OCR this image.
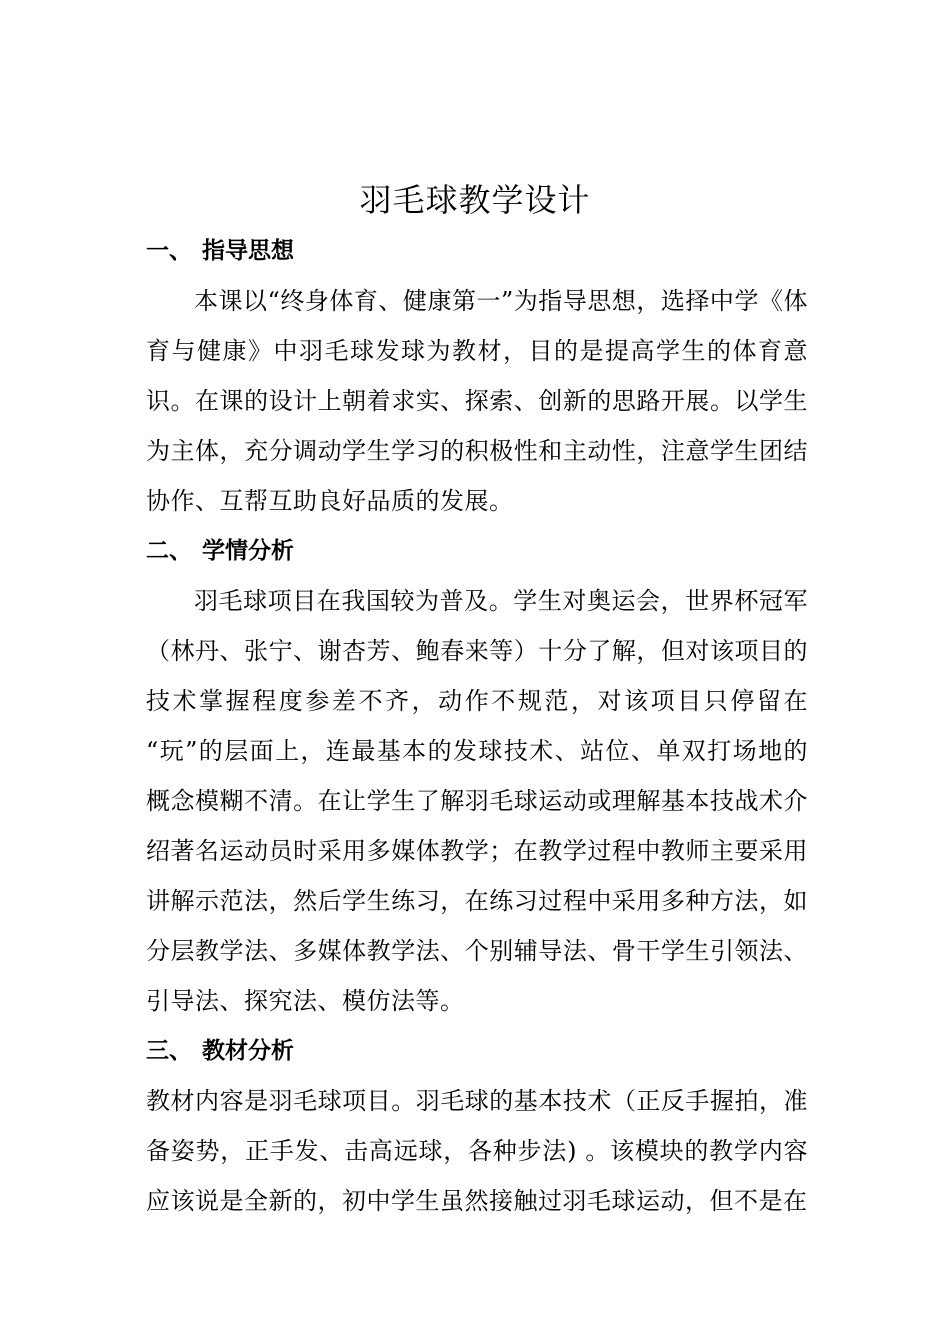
羽毛球教学设计
一、 指导思想
本课以“终身体育、健康第一”为指导思想，选择中学《体育与健康》中羽毛球发球为教材，目的是提高学生的体育意识。在课的设计上朝着求实、探索、创新的思路开展。以学生为主体，充分调动学生学习的积极性和主动性，注意学生团结协作、互帮互助良好品质的发展。
二、 学情分析
羽毛球项目在我国较为普及。学生对奥运会，世界杯冠军（林丹、张宁、谢杏芳、鲍春来等）十分了解，但对该项目的技术掌握程度参差不齐，动作不规范，对该项目只停留在 “玩”的层面上，连最基本的发球技术、站位、单双打场地的概念模糊不清。在让学生了解羽毛球运动或理解基本技战术介绍著名运动员时采用多媒体教学；在教学过程中教师主要采用讲解示范法，然后学生练习，在练习过程中采用多种方法，如分层教学法、多媒体教学法、个别辅导法、骨干学生引领法、引导法、探究法、模仿法等。
三、 教材分析
教材内容是羽毛球项目。羽毛球的基本技术（正反手握拍，准备姿势，正手发、击高远球，各种步法) 。该模块的教学内容应该说是全新的，初中学生虽然接触过羽毛球运动，但不是在
